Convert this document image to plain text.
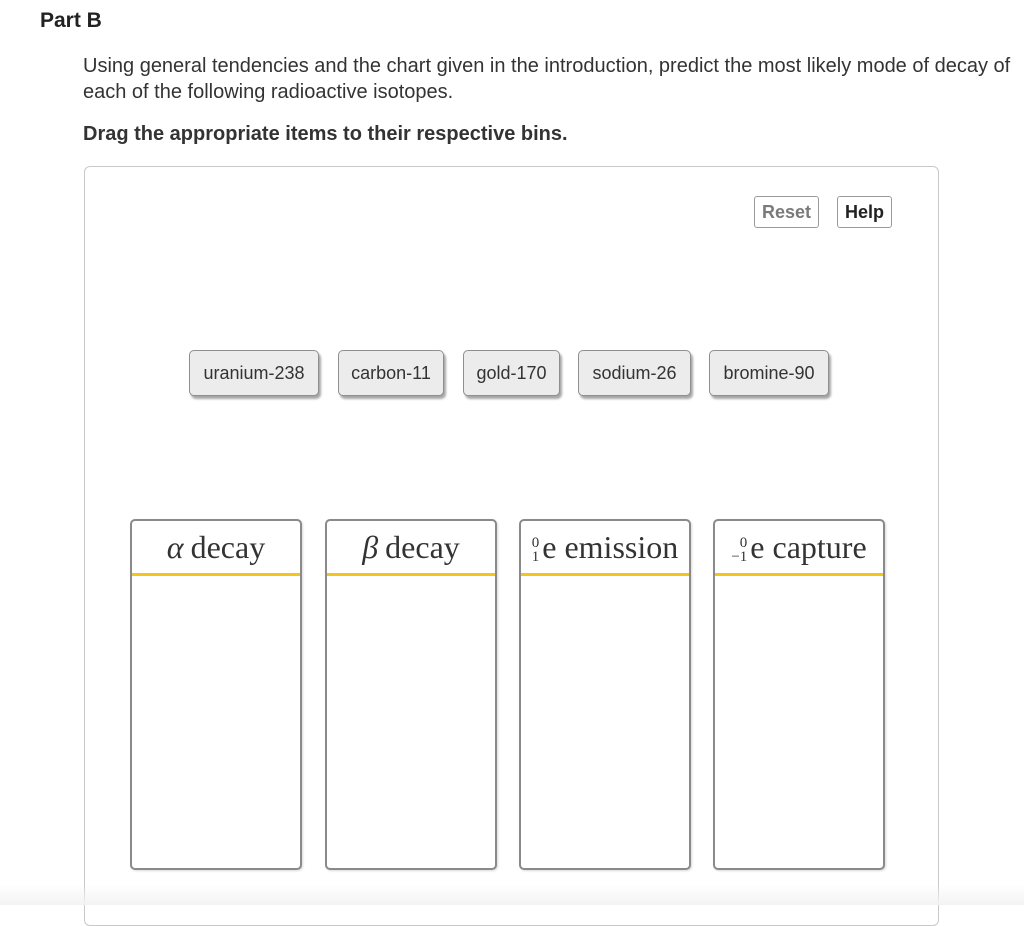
Part B
Using general tendencies and the chart given in the introduction, predict the most likely mode of decay of each of the following radioactive isotopes.
Drag the appropriate items to their respective bins.
Reset	Help
uranium-238	carbon-11	gold-170	sodium-26	bromine-90
α decay	β decay	0
1 e emission	0
−1 e capture
